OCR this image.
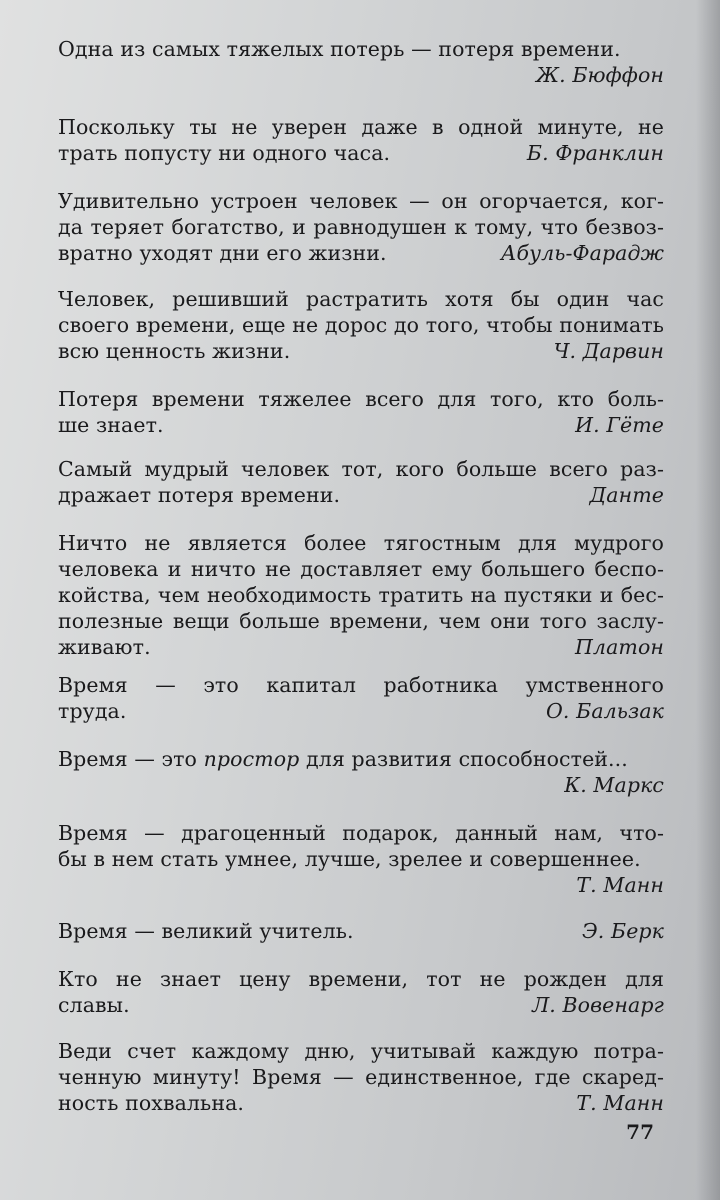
Одна из самых тяжелых потерь — потеря времени.
Ж. Бюффон
Поскольку ты не уверен даже в одной минуте, не
трать попусту ни одного часа.	Б. Франклин
Удивительно устроен человек — он огорчается, ког-
да теряет богатство, и равнодушен к тому, что безвоз-
вратно уходят дни его жизни.	Абуль-Фарадж
Человек, решивший растратить хотя бы один час
своего времени, еще не дорос до того, чтобы понимать
всю ценность жизни.	Ч. Дарвин
Потеря времени тяжелее всего для того, кто боль-
ше знает.	И. Гёте
Самый мудрый человек тот, кого больше всего раз-
дражает потеря времени.	Данте
Ничто не является более тягостным для мудрого
человека и ничто не доставляет ему большего беспо-
койства, чем необходимость тратить на пустяки и бес-
полезные вещи больше времени, чем они того заслу-
живают.	Платон
Время — это капитал работника умственного
труда.	О. Бальзак
Время — это простор для развития способностей...
К. Маркс
Время — драгоценный подарок, данный нам, что-
бы в нем стать умнее, лучше, зрелее и совершеннее.
Т. Манн
Время — великий учитель.	Э. Берк
Кто не знает цену времени, тот не рожден для
славы.	Л. Вовенарг
Веди счет каждому дню, учитывай каждую потра-
ченную минуту! Время — единственное, где скаред-
ность похвальна.	Т. Манн
77
